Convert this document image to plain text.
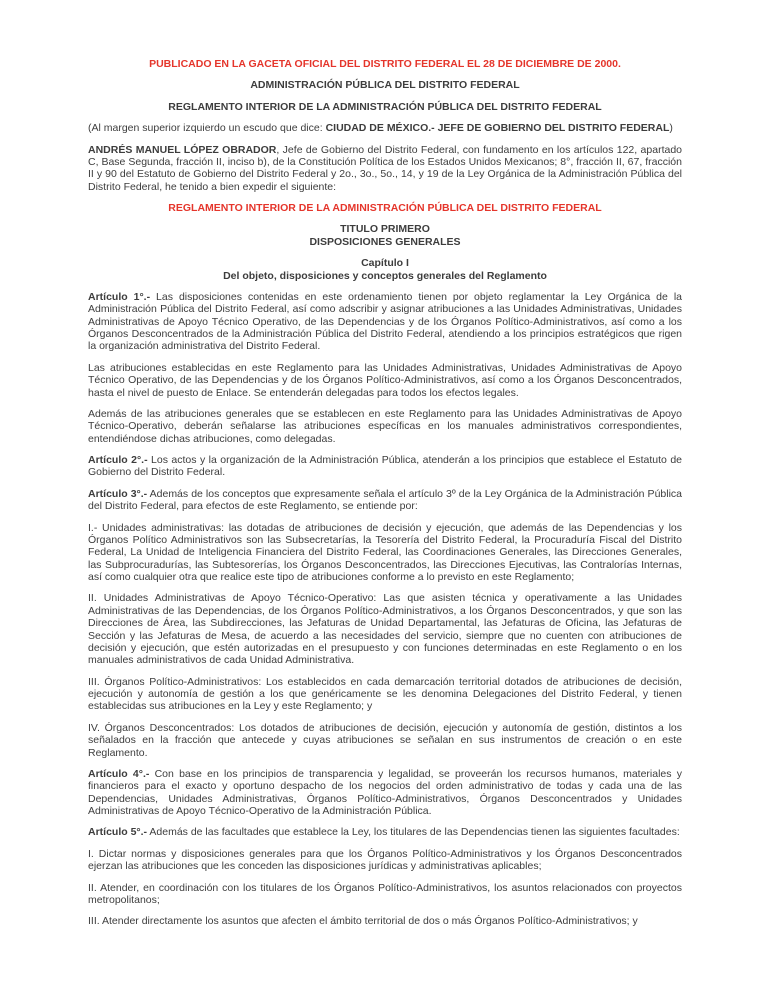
PUBLICADO EN LA GACETA OFICIAL DEL DISTRITO FEDERAL EL 28 DE DICIEMBRE DE 2000.

ADMINISTRACIÓN PÚBLICA DEL DISTRITO FEDERAL

REGLAMENTO INTERIOR DE LA ADMINISTRACIÓN PÚBLICA DEL DISTRITO FEDERAL

(Al margen superior izquierdo un escudo que dice: CIUDAD DE MÉXICO.- JEFE DE GOBIERNO DEL DISTRITO FEDERAL)

ANDRÉS MANUEL LÓPEZ OBRADOR, Jefe de Gobierno del Distrito Federal, con fundamento en los artículos 122, apartado C, Base Segunda, fracción II, inciso b), de la Constitución Política de los Estados Unidos Mexicanos; 8°, fracción II, 67, fracción II y 90 del Estatuto de Gobierno del Distrito Federal y 2o., 3o., 5o., 14, y 19 de la Ley Orgánica de la Administración Pública del Distrito Federal, he tenido a bien expedir el siguiente:

REGLAMENTO INTERIOR DE LA ADMINISTRACIÓN PÚBLICA DEL DISTRITO FEDERAL

TITULO PRIMERO
DISPOSICIONES GENERALES
Capítulo I
Del objeto, disposiciones y conceptos generales del Reglamento

Artículo 1°.- Las disposiciones contenidas en este ordenamiento tienen por objeto reglamentar la Ley Orgánica de la Administración Pública del Distrito Federal, así como adscribir y asignar atribuciones a las Unidades Administrativas, Unidades Administrativas de Apoyo Técnico Operativo, de las Dependencias y de los Órganos Político-Administrativos, así como a los Órganos Desconcentrados de la Administración Pública del Distrito Federal, atendiendo a los principios estratégicos que rigen la organización administrativa del Distrito Federal.

Las atribuciones establecidas en este Reglamento para las Unidades Administrativas, Unidades Administrativas de Apoyo Técnico Operativo, de las Dependencias y de los Órganos Político-Administrativos, así como a los Órganos Desconcentrados, hasta el nivel de puesto de Enlace. Se entenderán delegadas para todos los efectos legales.

Además de las atribuciones generales que se establecen en este Reglamento para las Unidades Administrativas de Apoyo Técnico-Operativo, deberán señalarse las atribuciones específicas en los manuales administrativos correspondientes, entendiéndose dichas atribuciones, como delegadas.

Artículo 2°.- Los actos y la organización de la Administración Pública, atenderán a los principios que establece el Estatuto de Gobierno del Distrito Federal.

Artículo 3°.- Además de los conceptos que expresamente señala el artículo 3º de la Ley Orgánica de la Administración Pública del Distrito Federal, para efectos de este Reglamento, se entiende por:

I.- Unidades administrativas: las dotadas de atribuciones de decisión y ejecución, que además de las Dependencias y los Órganos Político Administrativos son las Subsecretarías, la Tesorería del Distrito Federal, la Procuraduría Fiscal del Distrito Federal, La Unidad de Inteligencia Financiera del Distrito Federal, las Coordinaciones Generales, las Direcciones Generales, las Subprocuradurías, las Subtesorerías, los Órganos Desconcentrados, las Direcciones Ejecutivas, las Contralorías Internas, así como cualquier otra que realice este tipo de atribuciones conforme a lo previsto en este Reglamento;

II. Unidades Administrativas de Apoyo Técnico-Operativo: Las que asisten técnica y operativamente a las Unidades Administrativas de las Dependencias, de los Órganos Político-Administrativos, a los Órganos Desconcentrados, y que son las Direcciones de Área, las Subdirecciones, las Jefaturas de Unidad Departamental, las Jefaturas de Oficina, las Jefaturas de Sección y las Jefaturas de Mesa, de acuerdo a las necesidades del servicio, siempre que no cuenten con atribuciones de decisión y ejecución, que estén autorizadas en el presupuesto y con funciones determinadas en este Reglamento o en los manuales administrativos de cada Unidad Administrativa.

III. Órganos Político-Administrativos: Los establecidos en cada demarcación territorial dotados de atribuciones de decisión, ejecución y autonomía de gestión a los que genéricamente se les denomina Delegaciones del Distrito Federal, y tienen establecidas sus atribuciones en la Ley y este Reglamento; y

IV. Órganos Desconcentrados: Los dotados de atribuciones de decisión, ejecución y autonomía de gestión, distintos a los señalados en la fracción que antecede y cuyas atribuciones se señalan en sus instrumentos de creación o en este Reglamento.

Artículo 4°.- Con base en los principios de transparencia y legalidad, se proveerán los recursos humanos, materiales y financieros para el exacto y oportuno despacho de los negocios del orden administrativo de todas y cada una de las Dependencias, Unidades Administrativas, Órganos Político-Administrativos, Órganos Desconcentrados y Unidades Administrativas de Apoyo Técnico-Operativo de la Administración Pública.

Artículo 5°.- Además de las facultades que establece la Ley, los titulares de las Dependencias tienen las siguientes facultades:

I. Dictar normas y disposiciones generales para que los Órganos Político-Administrativos y los Órganos Desconcentrados ejerzan las atribuciones que les conceden las disposiciones jurídicas y administrativas aplicables;

II. Atender, en coordinación con los titulares de los Órganos Político-Administrativos, los asuntos relacionados con proyectos metropolitanos;

III. Atender directamente los asuntos que afecten el ámbito territorial de dos o más Órganos Político-Administrativos; y
